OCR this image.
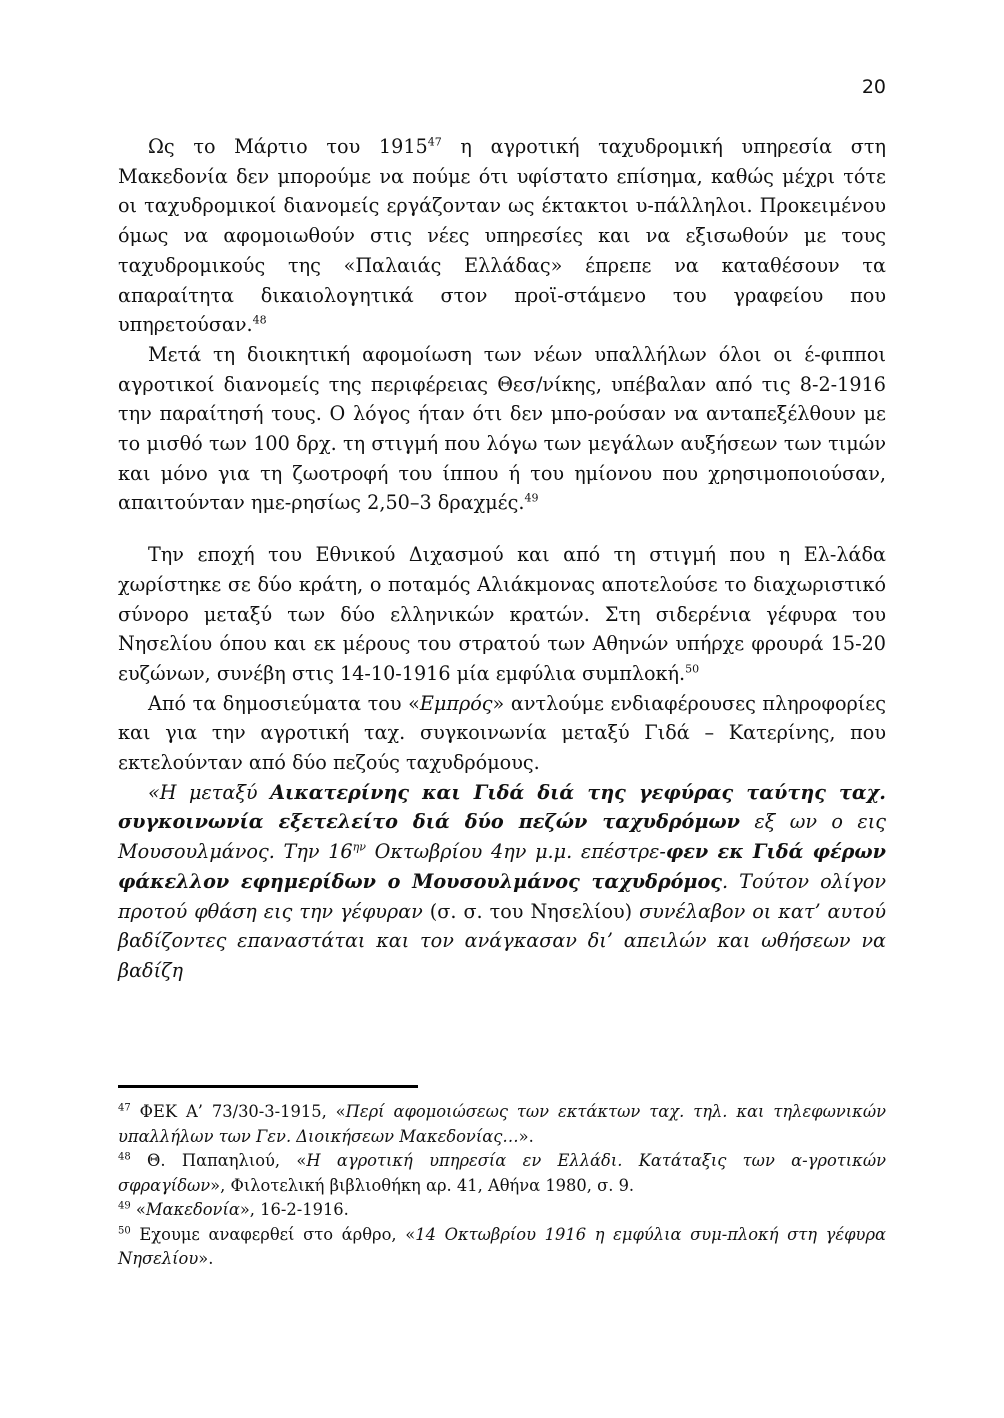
20

Ως το Μάρτιο του 1915$^{47}$ η αγροτική ταχυδρομική υπηρεσία στη Μακεδονία δεν μπορούμε να πούμε ότι υφίστατο επίσημα, καθώς μέχρι τότε οι ταχυδρομικοί διανομείς εργάζονταν ως έκτακτοι υ-πάλληλοι. Προκειμένου όμως να αφομοιωθούν στις νέες υπηρεσίες και να εξισωθούν με τους ταχυδρομικούς της «Παλαιάς Ελλάδας» έπρεπε να καταθέσουν τα απαραίτητα δικαιολογητικά στον προϊ-στάμενο του γραφείου που υπηρετούσαν.$^{48}$

Μετά τη διοικητική αφομοίωση των νέων υπαλλήλων όλοι οι έ-φιπποι αγροτικοί διανομείς της περιφέρειας Θεσ/νίκης, υπέβαλαν από τις 8-2-1916 την παραίτησή τους. Ο λόγος ήταν ότι δεν μπο-ρούσαν να ανταπεξέλθουν με το μισθό των 100 δρχ. τη στιγμή που λόγω των μεγάλων αυξήσεων των τιμών και μόνο για τη ζωοτροφή του ίππου ή του ημίονου που χρησιμοποιούσαν, απαιτούνταν ημε-ρησίως 2,50–3 δραχμές.$^{49}$

Την εποχή του Εθνικού Διχασμού και από τη στιγμή που η Ελ-λάδα χωρίστηκε σε δύο κράτη, ο ποταμός Αλιάκμονας αποτελούσε το διαχωριστικό σύνορο μεταξύ των δύο ελληνικών κρατών. Στη σιδερένια γέφυρα του Νησελίου όπου και εκ μέρους του στρατού των Αθηνών υπήρχε φρουρά 15-20 ευζώνων, συνέβη στις 14-10-1916 μία εμφύλια συμπλοκή.$^{50}$

Από τα δημοσιεύματα του «Εμπρός» αντλούμε ενδιαφέρουσες πληροφορίες και για την αγροτική ταχ. συγκοινωνία μεταξύ Γιδά – Κατερίνης, που εκτελούνταν από δύο πεζούς ταχυδρόμους.

«Η μεταξύ Αικατερίνης και Γιδά διά της γεφύρας ταύτης ταχ. συγκοινωνία εξετελείτο διά δύο πεζών ταχυδρόμων εξ ων ο εις Μουσουλμάνος. Την $16^{\eta\nu}$ Οκτωβρίου 4ην μ.μ. επέστρε-φεν εκ Γιδά φέρων φάκελλον εφημερίδων ο Μουσουλμάνος ταχυδρόμος. Τούτον ολίγον προτού φθάση εις την γέφυραν (σ. σ. του Νησελίου) συνέλαβον οι κατ’ αυτού βαδίζοντες επαναστάται και τον ανάγκασαν δι’ απειλών και ωθήσεων να βαδίζη

$^{47}$ ΦΕΚ Α’ 73/30-3-1915, «Περί αφομοιώσεως των εκτάκτων ταχ. τηλ. και τηλεφωνικών υπαλλήλων των Γεν. Διοικήσεων Μακεδονίας…».

$^{48}$ Θ. Παπαηλιού, «Η αγροτική υπηρεσία εν Ελλάδι. Κατάταξις των α-γροτικών σφραγίδων», Φιλοτελική βιβλιοθήκη αρ. 41, Αθήνα 1980, σ. 9.

$^{49}$ «Μακεδονία», 16-2-1916.

$^{50}$ Εχουμε αναφερθεί στο άρθρο, «14 Οκτωβρίου 1916 η εμφύλια συμ-πλοκή στη γέφυρα Νησελίου».
